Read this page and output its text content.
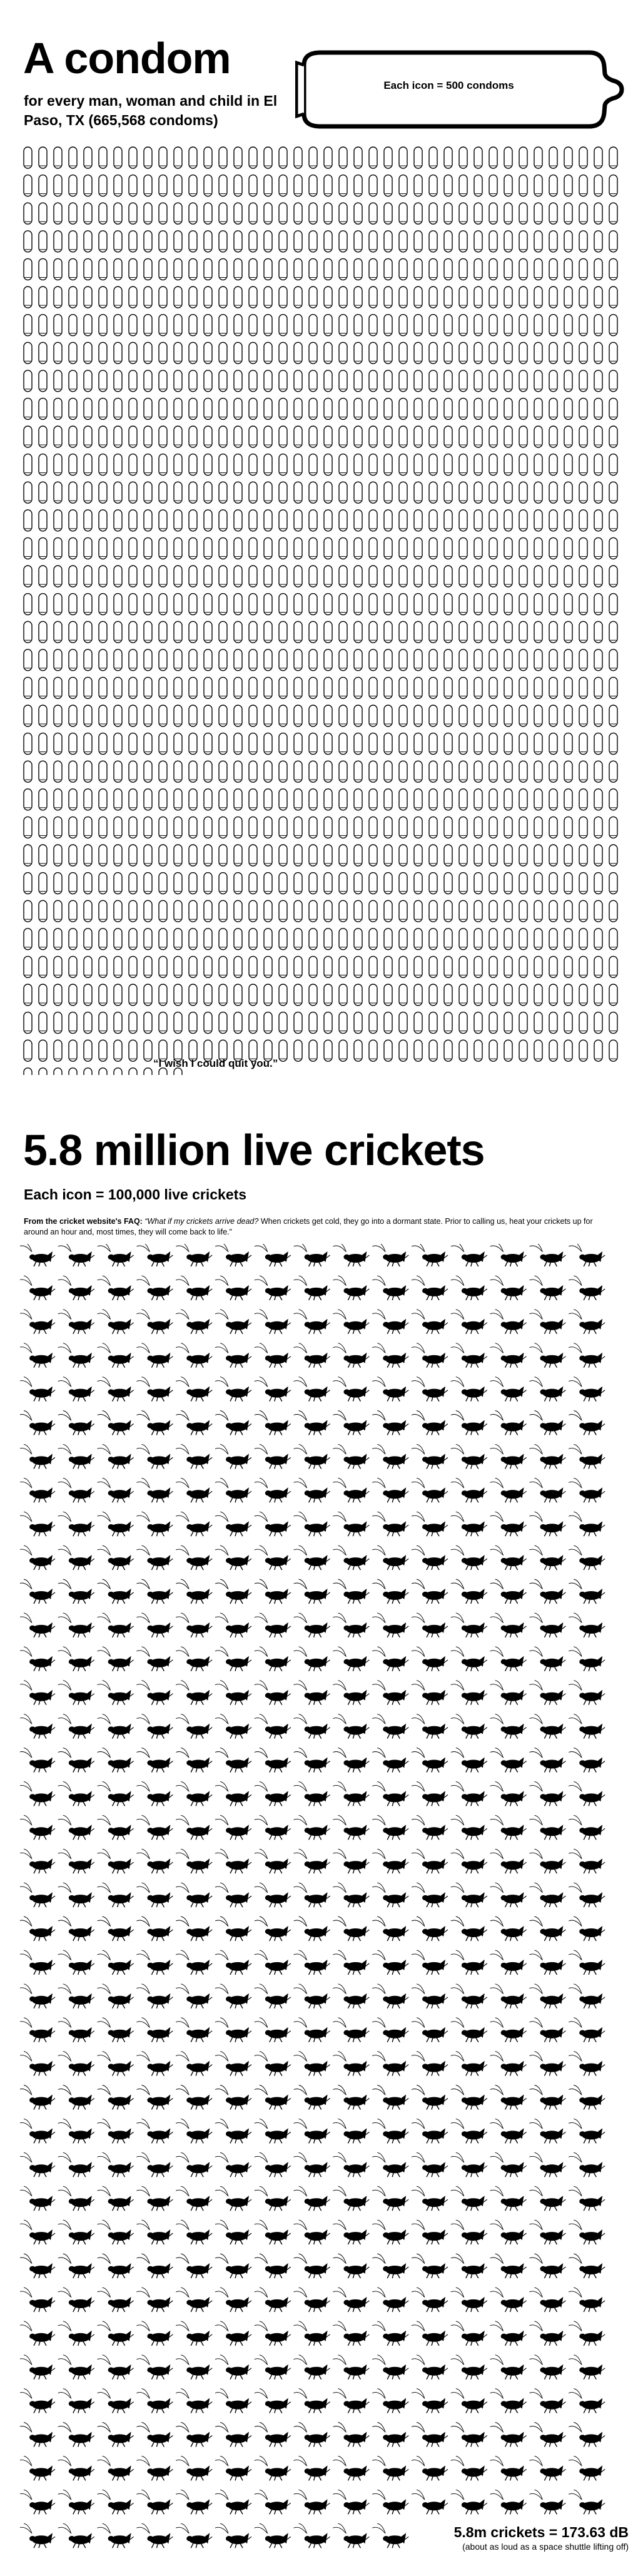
A condom

for every man, woman and child in El Paso, TX (665,568 condoms)

Each icon = 500 condoms
“I wish I could quit you.”
5.8 million live crickets

Each icon = 100,000 live crickets

From the cricket website's FAQ: “What if my crickets arrive dead? When crickets get cold, they go into a dormant state. Prior to calling us, heat your crickets up for around an hour and, most times, they will come back to life.”

5.8m crickets = 173.63 dB
(about as loud as a space shuttle lifting off)
